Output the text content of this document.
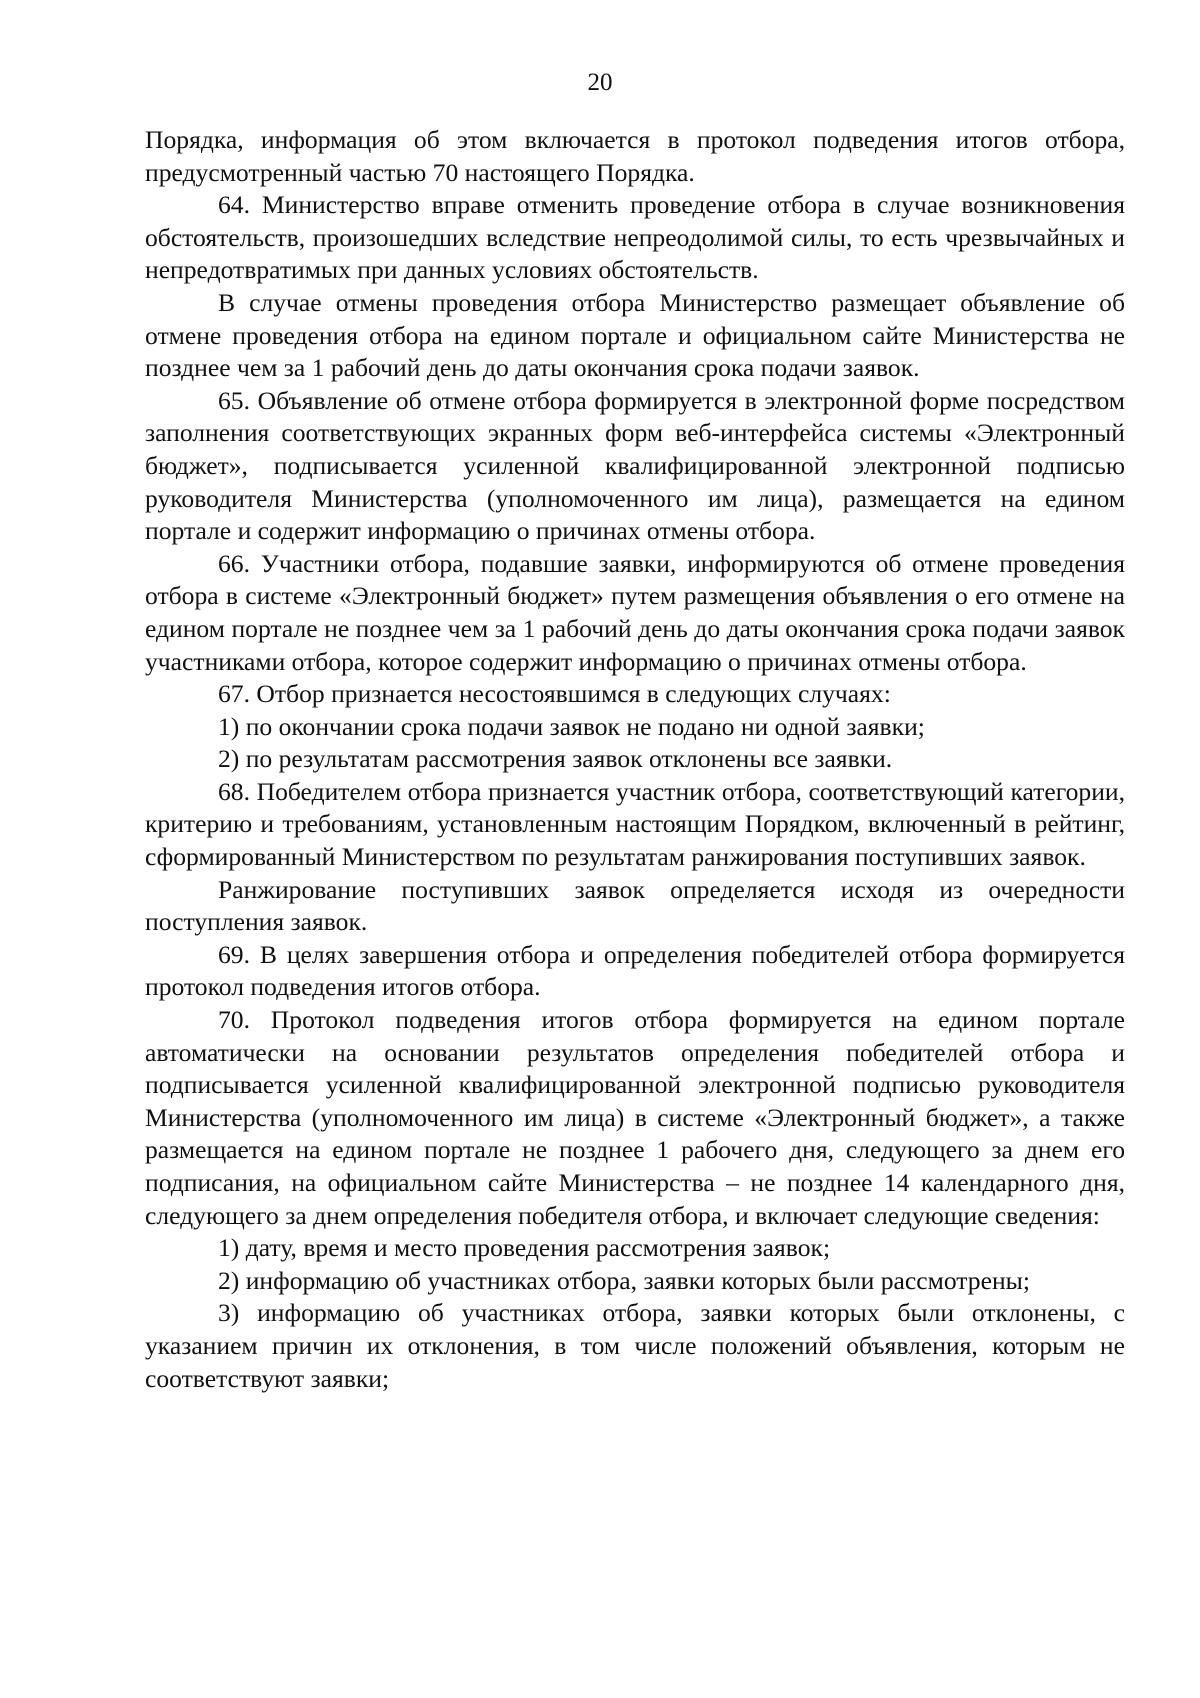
20

Порядка, информация об этом включается в протокол подведения итогов отбора, предусмотренный частью 70 настоящего Порядка.

64. Министерство вправе отменить проведение отбора в случае возникновения обстоятельств, произошедших вследствие непреодолимой силы, то есть чрезвычайных и непредотвратимых при данных условиях обстоятельств.

В случае отмены проведения отбора Министерство размещает объявление об отмене проведения отбора на едином портале и официальном сайте Министерства не позднее чем за 1 рабочий день до даты окончания срока подачи заявок.

65. Объявление об отмене отбора формируется в электронной форме посредством заполнения соответствующих экранных форм веб-интерфейса системы «Электронный бюджет», подписывается усиленной квалифицированной электронной подписью руководителя Министерства (уполномоченного им лица), размещается на едином портале и содержит информацию о причинах отмены отбора.

66. Участники отбора, подавшие заявки, информируются об отмене проведения отбора в системе «Электронный бюджет» путем размещения объявления о его отмене на едином портале не позднее чем за 1 рабочий день до даты окончания срока подачи заявок участниками отбора, которое содержит информацию о причинах отмены отбора.

67. Отбор признается несостоявшимся в следующих случаях:

1) по окончании срока подачи заявок не подано ни одной заявки;

2) по результатам рассмотрения заявок отклонены все заявки.

68. Победителем отбора признается участник отбора, соответствующий категории, критерию и требованиям, установленным настоящим Порядком, включенный в рейтинг, сформированный Министерством по результатам ранжирования поступивших заявок.

Ранжирование поступивших заявок определяется исходя из очередности поступления заявок.

69. В целях завершения отбора и определения победителей отбора формируется протокол подведения итогов отбора.

70. Протокол подведения итогов отбора формируется на едином портале автоматически на основании результатов определения победителей отбора и подписывается усиленной квалифицированной электронной подписью руководителя Министерства (уполномоченного им лица) в системе «Электронный бюджет», а также размещается на едином портале не позднее 1 рабочего дня, следующего за днем его подписания, на официальном сайте Министерства – не позднее 14 календарного дня, следующего за днем определения победителя отбора, и включает следующие сведения:

1) дату, время и место проведения рассмотрения заявок;

2) информацию об участниках отбора, заявки которых были рассмотрены;

3) информацию об участниках отбора, заявки которых были отклонены, с указанием причин их отклонения, в том числе положений объявления, которым не соответствуют заявки;
